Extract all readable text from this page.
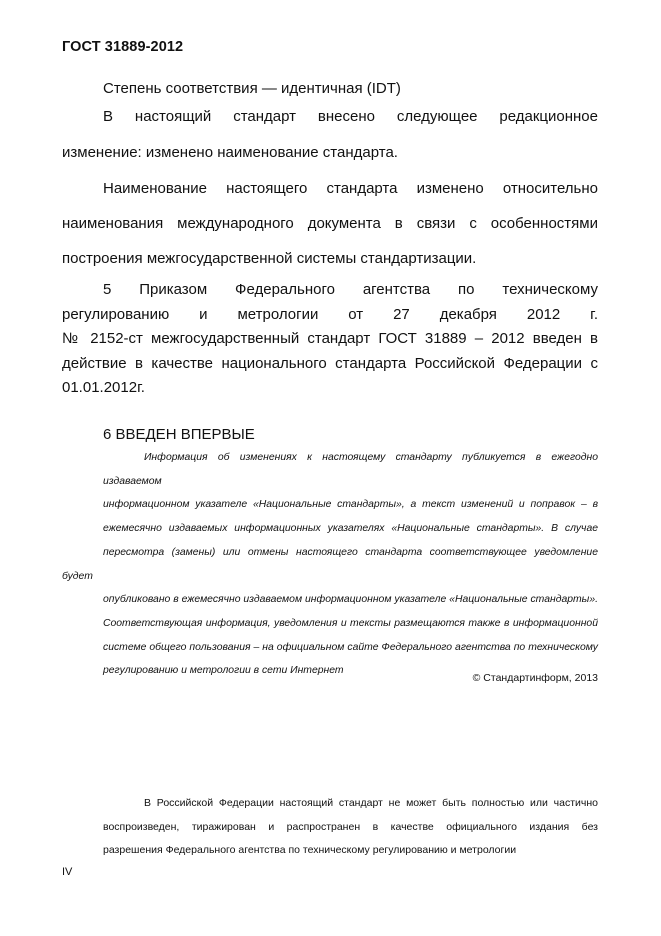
ГОСТ 31889-2012

Степень соответствия — идентичная (IDT)

В настоящий стандарт внесено следующее редакционное
изменение: изменено наименование стандарта.
Наименование настоящего стандарта изменено относительно
наименования международного документа в связи с особенностями
построения межгосударственной системы стандартизации.
5 Приказом Федерального агентства по техническому
регулированию и метрологии от 27 декабря 2012 г.
№ 2152-ст межгосударственный стандарт ГОСТ 31889 – 2012 введен в
действие в качестве национального стандарта Российской Федерации с
01.01.2012г.

6 ВВЕДЕН ВПЕРВЫЕ

Информация об изменениях к настоящему стандарту публикуется в ежегодно издаваемом
информационном указателе «Национальные стандарты», а текст изменений и поправок – в
ежемесячно издаваемых информационных указателях «Национальные стандарты». В случае
пересмотра (замены) или отмены настоящего стандарта соответствующее уведомление будет
опубликовано в ежемесячно издаваемом информационном указателе «Национальные стандарты».
Соответствующая информация, уведомления и тексты размещаются также в информационной
системе общего пользования – на официальном сайте Федерального агентства по техническому
регулированию и метрологии в сети Интернет
© Стандартинформ, 2013
В Российской Федерации настоящий стандарт не может быть полностью или частично
воспроизведен, тиражирован и распространен в качестве официального издания без
разрешения Федерального агентства по техническому регулированию и метрологии
IV
